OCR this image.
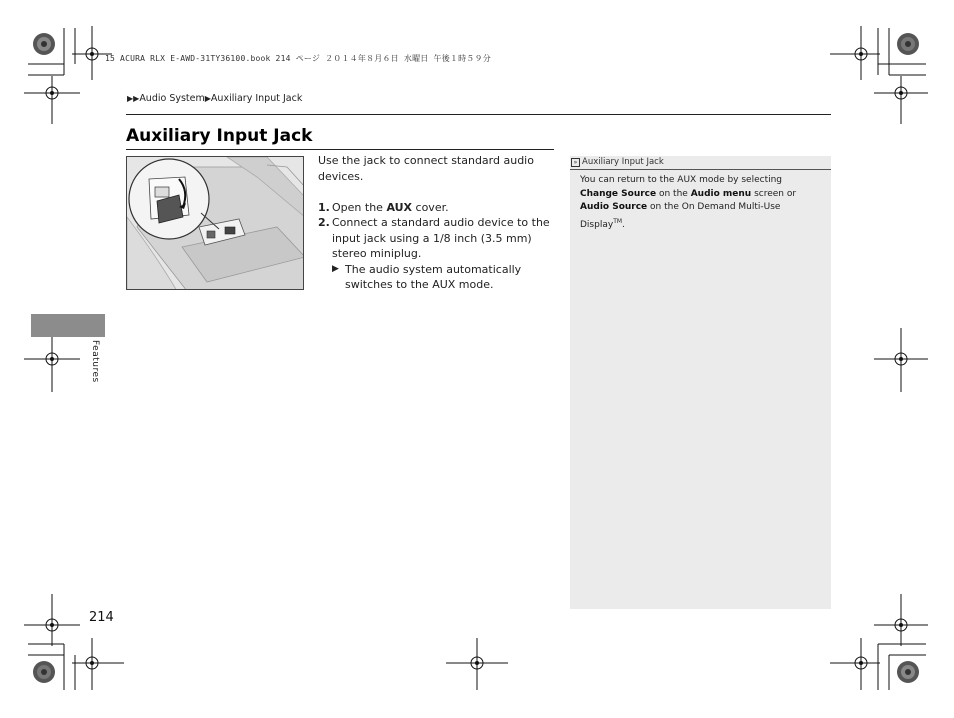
15 ACURA RLX E-AWD-31TY36100.book 214 ページ ２０１４年８月６日 水曜日 午後１時５９分
▶▶Audio System▶Auxiliary Input Jack
Auxiliary Input Jack

Use the jack to connect standard audio devices.

1. Open the AUX cover.

2. Connect a standard audio device to the input jack using a 1/8 inch (3.5 mm) stereo miniplug.

▶ The audio system automatically switches to the AUX mode.

» Auxiliary Input Jack
You can return to the AUX mode by selecting Change Source on the Audio menu screen or Audio Source on the On Demand Multi-Use Display™.
Features
214
